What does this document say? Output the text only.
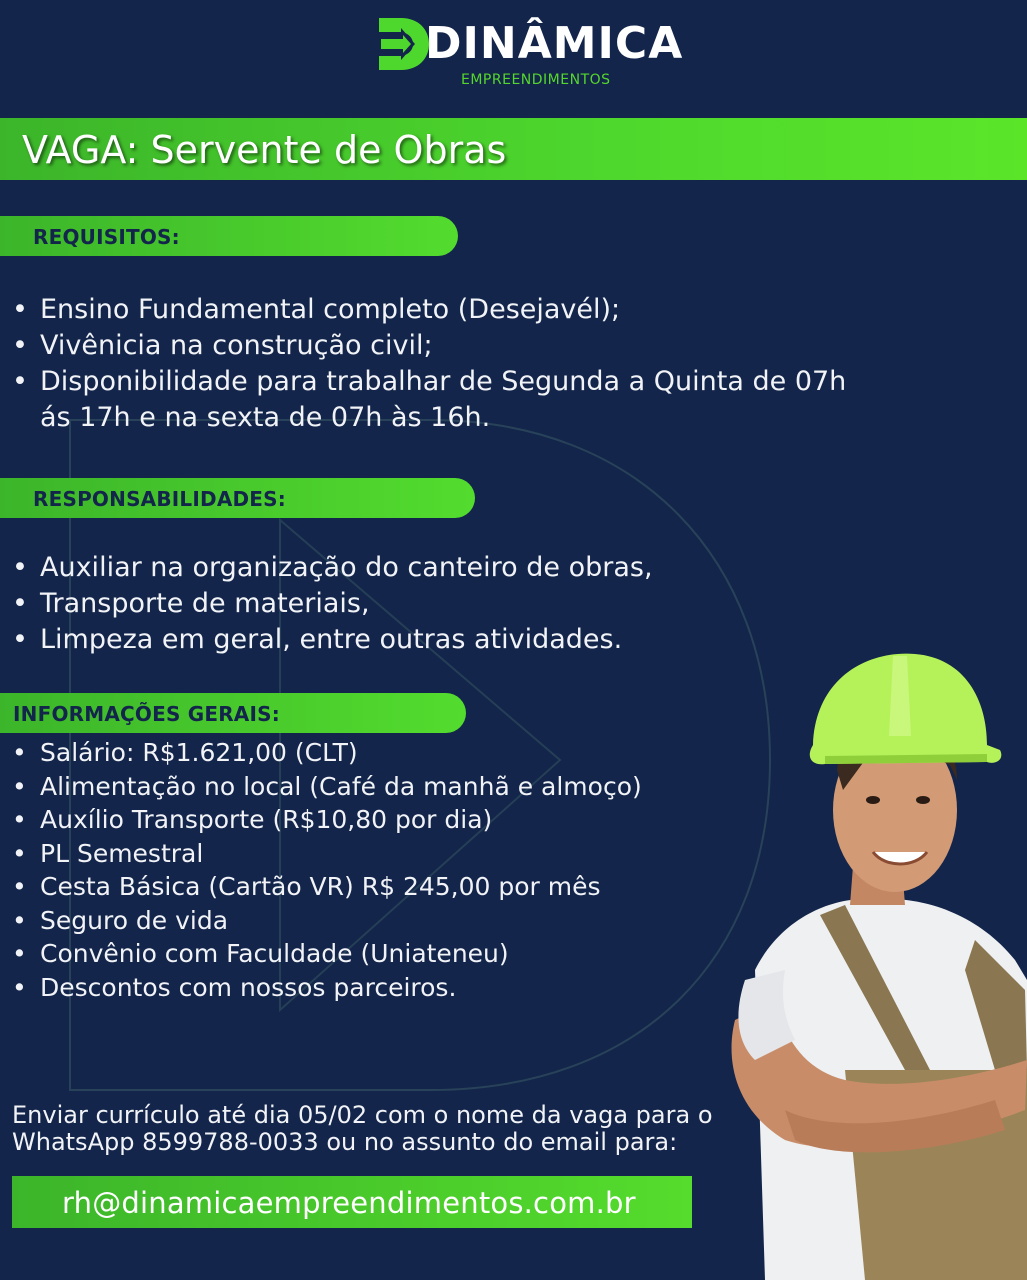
DINÂMICA
EMPREENDIMENTOS
VAGA: Servente de Obras
REQUISITOS:
• Ensino Fundamental completo (Desejavél);
• Vivênicia na construção civil;
• Disponibilidade para trabalhar de Segunda a Quinta de 07h ás 17h e na sexta de 07h às 16h.
RESPONSABILIDADES:
• Auxiliar na organização do canteiro de obras,
• Transporte de materiais,
• Limpeza em geral, entre outras atividades.
INFORMAÇÕES GERAIS:
• Salário: R$1.621,00 (CLT)
• Alimentação no local (Café da manhã e almoço)
• Auxílio Transporte (R$10,80 por dia)
• PL Semestral
• Cesta Básica (Cartão VR) R$ 245,00 por mês
• Seguro de vida
• Convênio com Faculdade (Uniateneu)
• Descontos com nossos parceiros.
Enviar currículo até dia 05/02 com o nome da vaga para o
WhatsApp 8599788-0033 ou no assunto do email para:
rh@dinamicaempreendimentos.com.br
